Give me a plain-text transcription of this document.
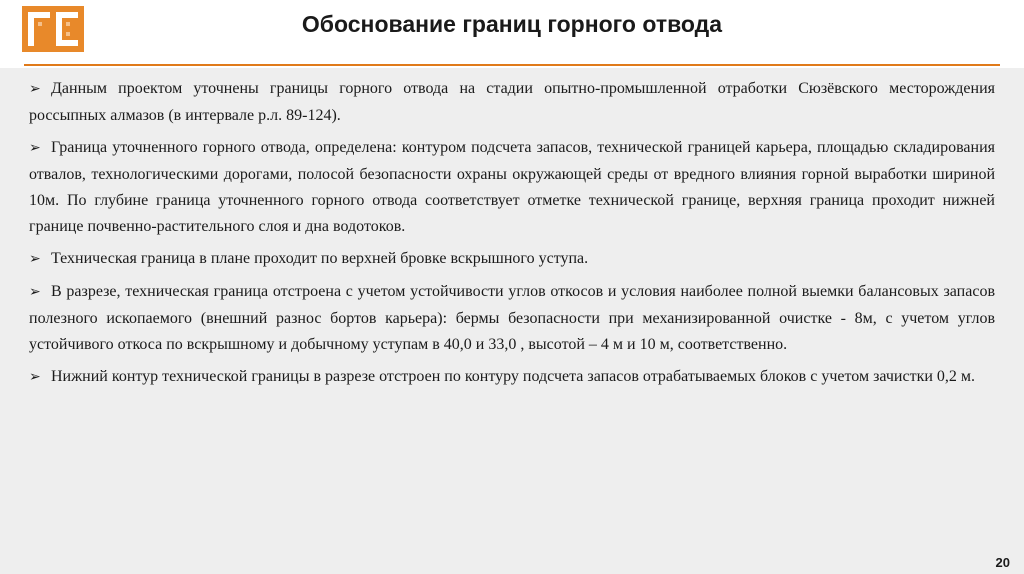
Обоснование границ горного отвода
➢ Данным проектом уточнены границы горного отвода на стадии опытно-промышленной отработки Сюзёвского месторождения россыпных алмазов (в интервале р.л. 89-124).
➢ Граница уточненного горного отвода, определена: контуром подсчета запасов, технической границей карьера, площадью складирования отвалов, технологическими дорогами, полосой безопасности охраны окружающей среды от вредного влияния горной выработки шириной 10м. По глубине граница уточненного горного отвода соответствует отметке технической границе, верхняя граница проходит нижней границе почвенно-растительного слоя и дна водотоков.
➢ Техническая граница в плане проходит по верхней бровке вскрышного уступа.
➢ В разрезе, техническая граница отстроена с учетом устойчивости углов откосов и условия наиболее полной выемки балансовых запасов полезного ископаемого (внешний разнос бортов карьера): бермы безопасности при механизированной очистке - 8м, с учетом углов устойчивого откоса по вскрышному и добычному уступам в 40,0 и 33,0 , высотой – 4 м и 10 м, соответственно.
➢ Нижний контур технической границы в разрезе отстроен по контуру подсчета запасов отрабатываемых блоков с учетом зачистки 0,2 м.
20
